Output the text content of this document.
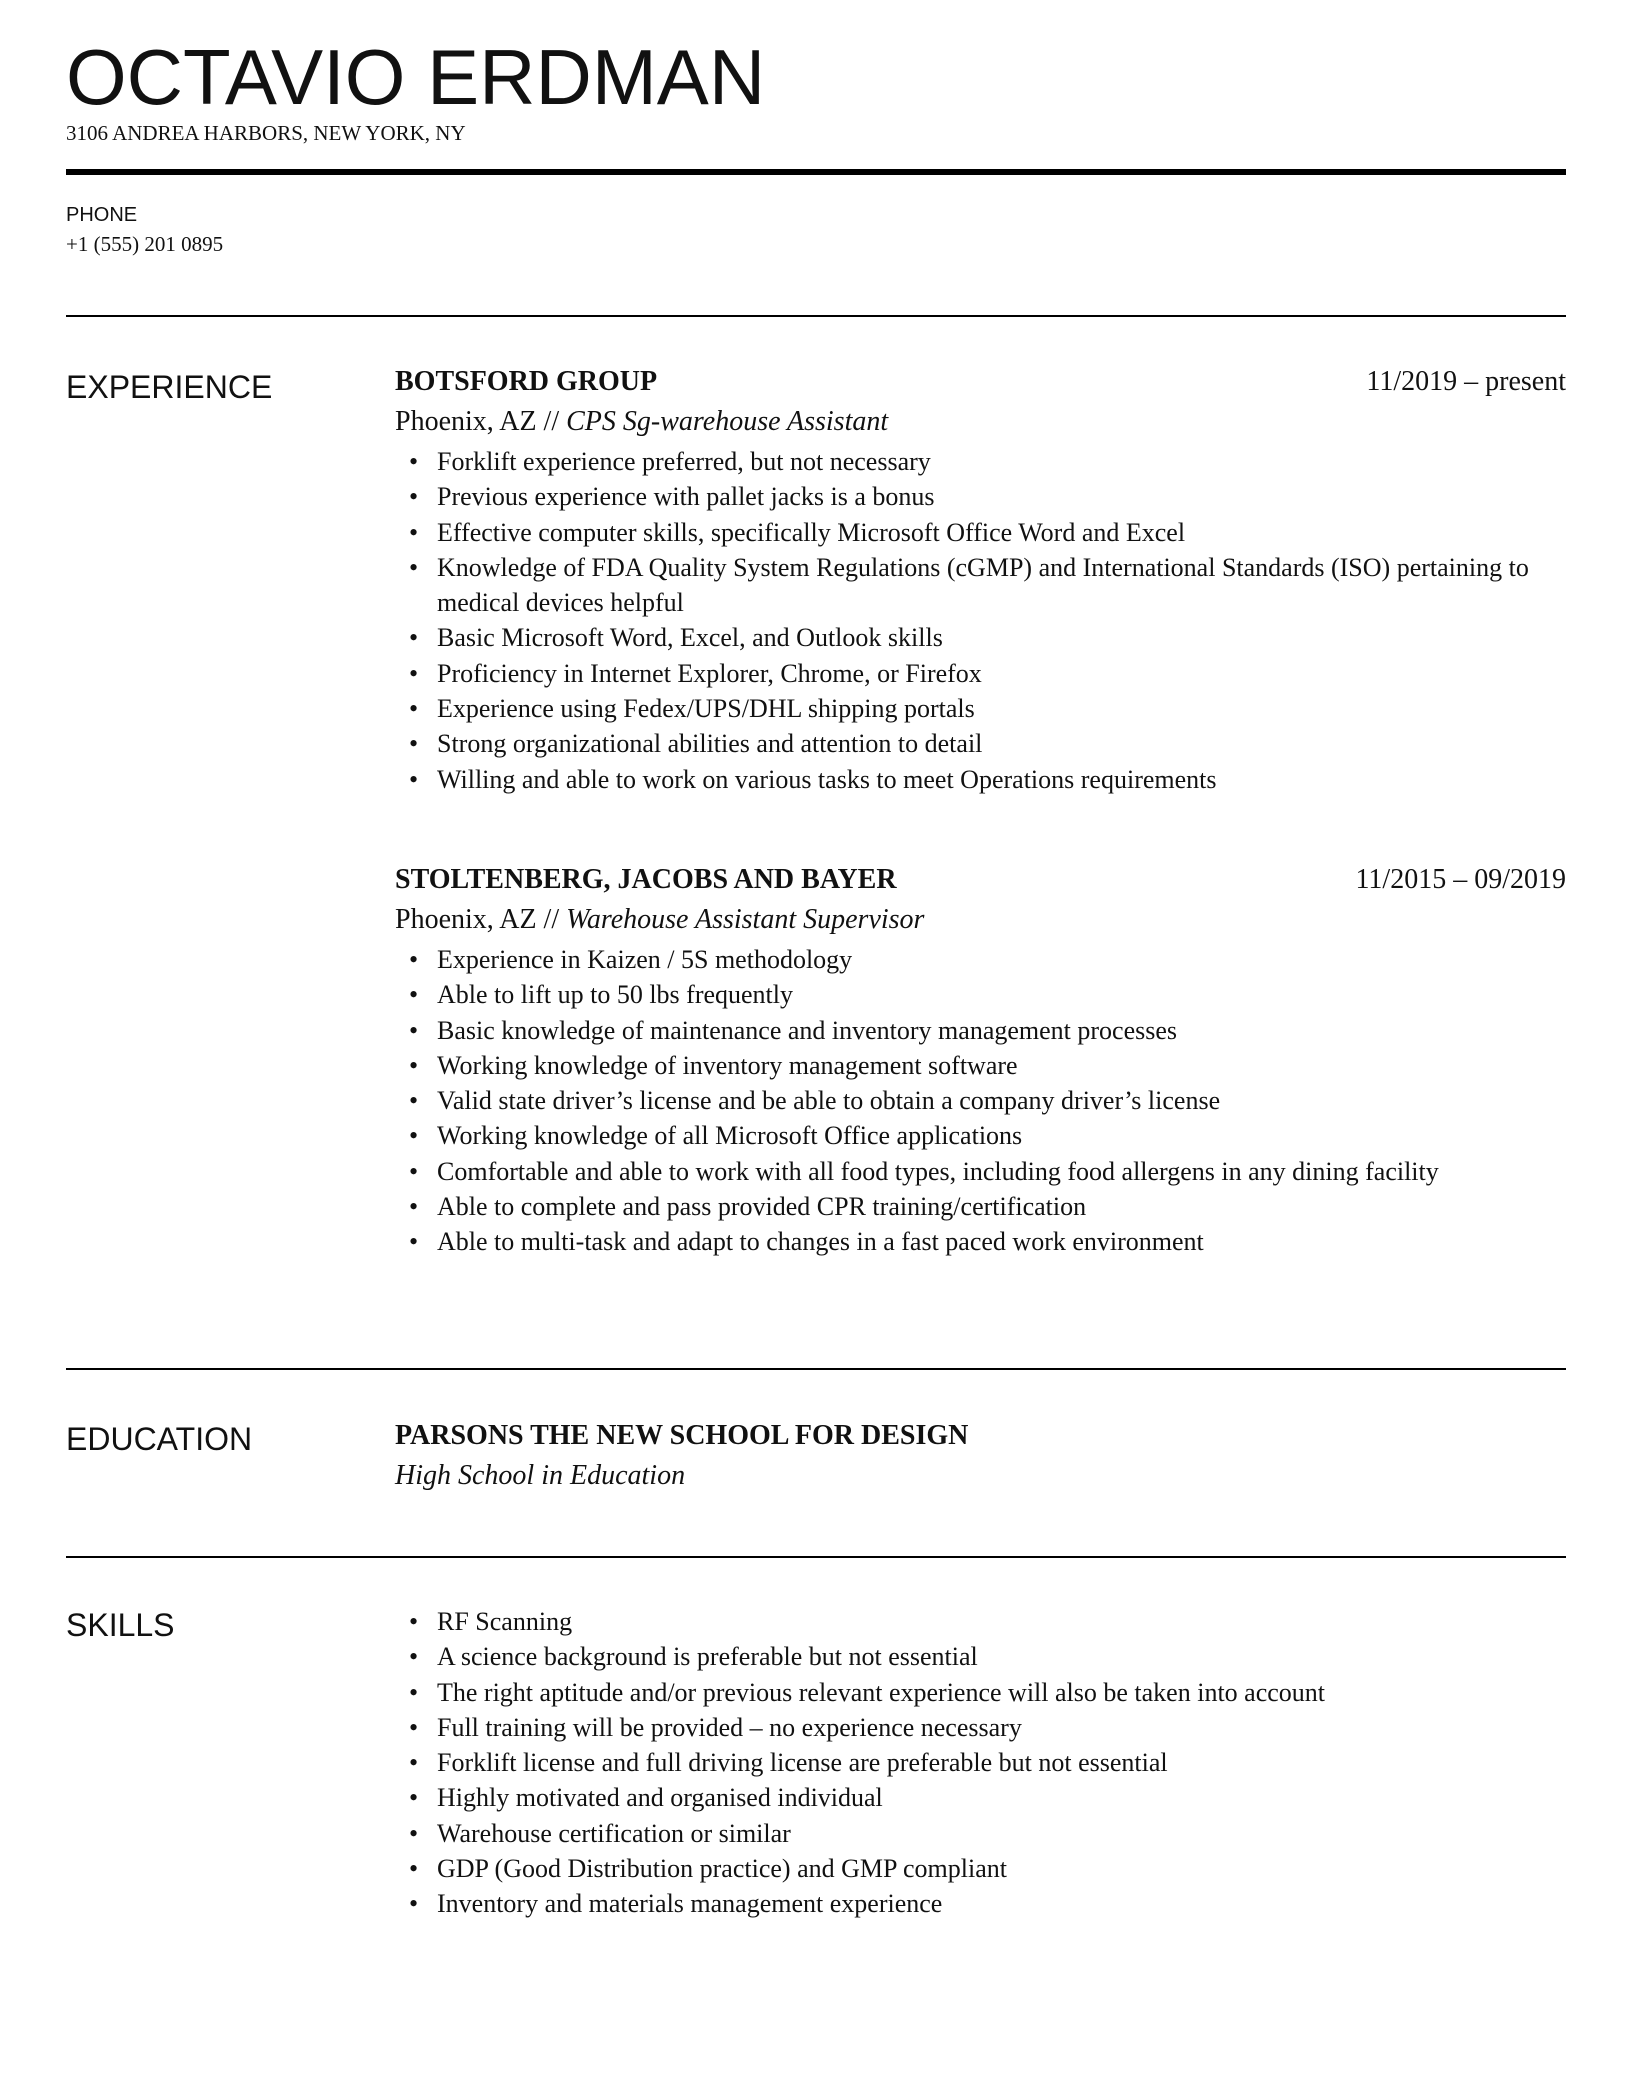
OCTAVIO ERDMAN
3106 ANDREA HARBORS, NEW YORK, NY
PHONE
+1 (555) 201 0895
EXPERIENCE	BOTSFORD GROUP	11/2019 – present
Phoenix, AZ // CPS Sg-warehouse Assistant
• Forklift experience preferred, but not necessary
• Previous experience with pallet jacks is a bonus
• Effective computer skills, specifically Microsoft Office Word and Excel
• Knowledge of FDA Quality System Regulations (cGMP) and International Standards (ISO) pertaining to medical devices helpful
• Basic Microsoft Word, Excel, and Outlook skills
• Proficiency in Internet Explorer, Chrome, or Firefox
• Experience using Fedex/UPS/DHL shipping portals
• Strong organizational abilities and attention to detail
• Willing and able to work on various tasks to meet Operations requirements
STOLTENBERG, JACOBS AND BAYER	11/2015 – 09/2019
Phoenix, AZ // Warehouse Assistant Supervisor
• Experience in Kaizen / 5S methodology
• Able to lift up to 50 lbs frequently
• Basic knowledge of maintenance and inventory management processes
• Working knowledge of inventory management software
• Valid state driver’s license and be able to obtain a company driver’s license
• Working knowledge of all Microsoft Office applications
• Comfortable and able to work with all food types, including food allergens in any dining facility
• Able to complete and pass provided CPR training/certification
• Able to multi-task and adapt to changes in a fast paced work environment
EDUCATION	PARSONS THE NEW SCHOOL FOR DESIGN
High School in Education
SKILLS
•	RF Scanning
• A science background is preferable but not essential
• The right aptitude and/or previous relevant experience will also be taken into account
• Full training will be provided – no experience necessary
• Forklift license and full driving license are preferable but not essential
• Highly motivated and organised individual
• Warehouse certification or similar
• GDP (Good Distribution practice) and GMP compliant
• Inventory and materials management experience
